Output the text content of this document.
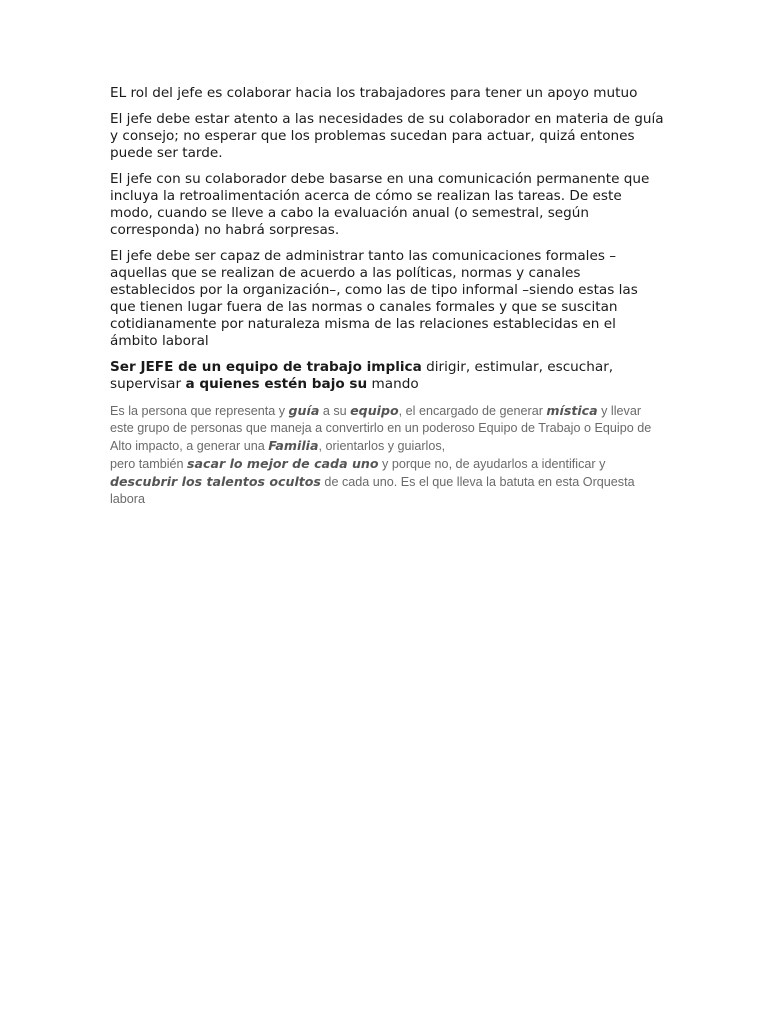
EL rol del jefe es colaborar hacia los trabajadores para tener un apoyo mutuo

El jefe debe estar atento a las necesidades de su colaborador en materia de guía y consejo; no esperar que los problemas sucedan para actuar, quizá entones puede ser tarde.

El jefe con su colaborador debe basarse en una comunicación permanente que incluya la retroalimentación acerca de cómo se realizan las tareas. De este modo, cuando se lleve a cabo la evaluación anual (o semestral, según corresponda) no habrá sorpresas.

El jefe debe ser capaz de administrar tanto las comunicaciones formales –aquellas que se realizan de acuerdo a las políticas, normas y canales establecidos por la organización–, como las de tipo informal –siendo estas las que tienen lugar fuera de las normas o canales formales y que se suscitan cotidianamente por naturaleza misma de las relaciones establecidas en el ámbito laboral

Ser JEFE de un equipo de trabajo implica dirigir, estimular, escuchar, supervisar a quienes estén bajo su mando

Es la persona que representa y guía a su equipo, el encargado de generar mística y llevar este grupo de personas que maneja a convertirlo en un poderoso Equipo de Trabajo o Equipo de Alto impacto, a generar una Familia, orientarlos y guiarlos,
pero también sacar lo mejor de cada uno y porque no, de ayudarlos a identificar y descubrir los talentos ocultos de cada uno. Es el que lleva la batuta en esta Orquesta labora
